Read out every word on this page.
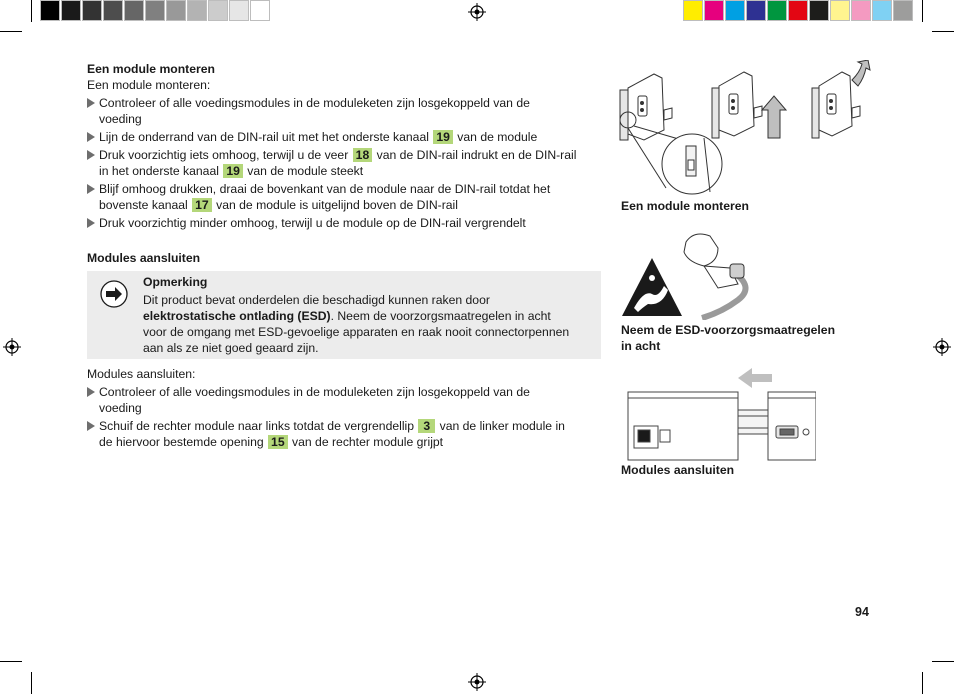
Een module monteren
Een module monteren:
Controleer of alle voedingsmodules in de moduleketen zijn losgekoppeld van de
voeding
Lijn de onderrand van de DIN-rail uit met het onderste kanaal 19 van de module
Druk voorzichtig iets omhoog, terwijl u de veer 18 van de DIN-rail indrukt en de DIN-rail
in het onderste kanaal 19 van de module steekt
Blijf omhoog drukken, draai de bovenkant van de module naar de DIN-rail totdat het
bovenste kanaal 17 van de module is uitgelijnd boven de DIN-rail
Druk voorzichtig minder omhoog, terwijl u de module op de DIN-rail vergrendelt
Modules aansluiten
Opmerking
Dit product bevat onderdelen die beschadigd kunnen raken door
elektrostatische ontlading (ESD). Neem de voorzorgsmaatregelen in acht
voor de omgang met ESD-gevoelige apparaten en raak nooit connectorpennen
aan als ze niet goed geaard zijn.
Modules aansluiten:
Controleer of alle voedingsmodules in de moduleketen zijn losgekoppeld van de
voeding
Schuif de rechter module naar links totdat de vergrendellip 3 van de linker module in
de hiervoor bestemde opening 15 van de rechter module grijpt
Een module monteren
Neem de ESD-voorzorgsmaatregelen
in acht
Modules aansluiten
94
